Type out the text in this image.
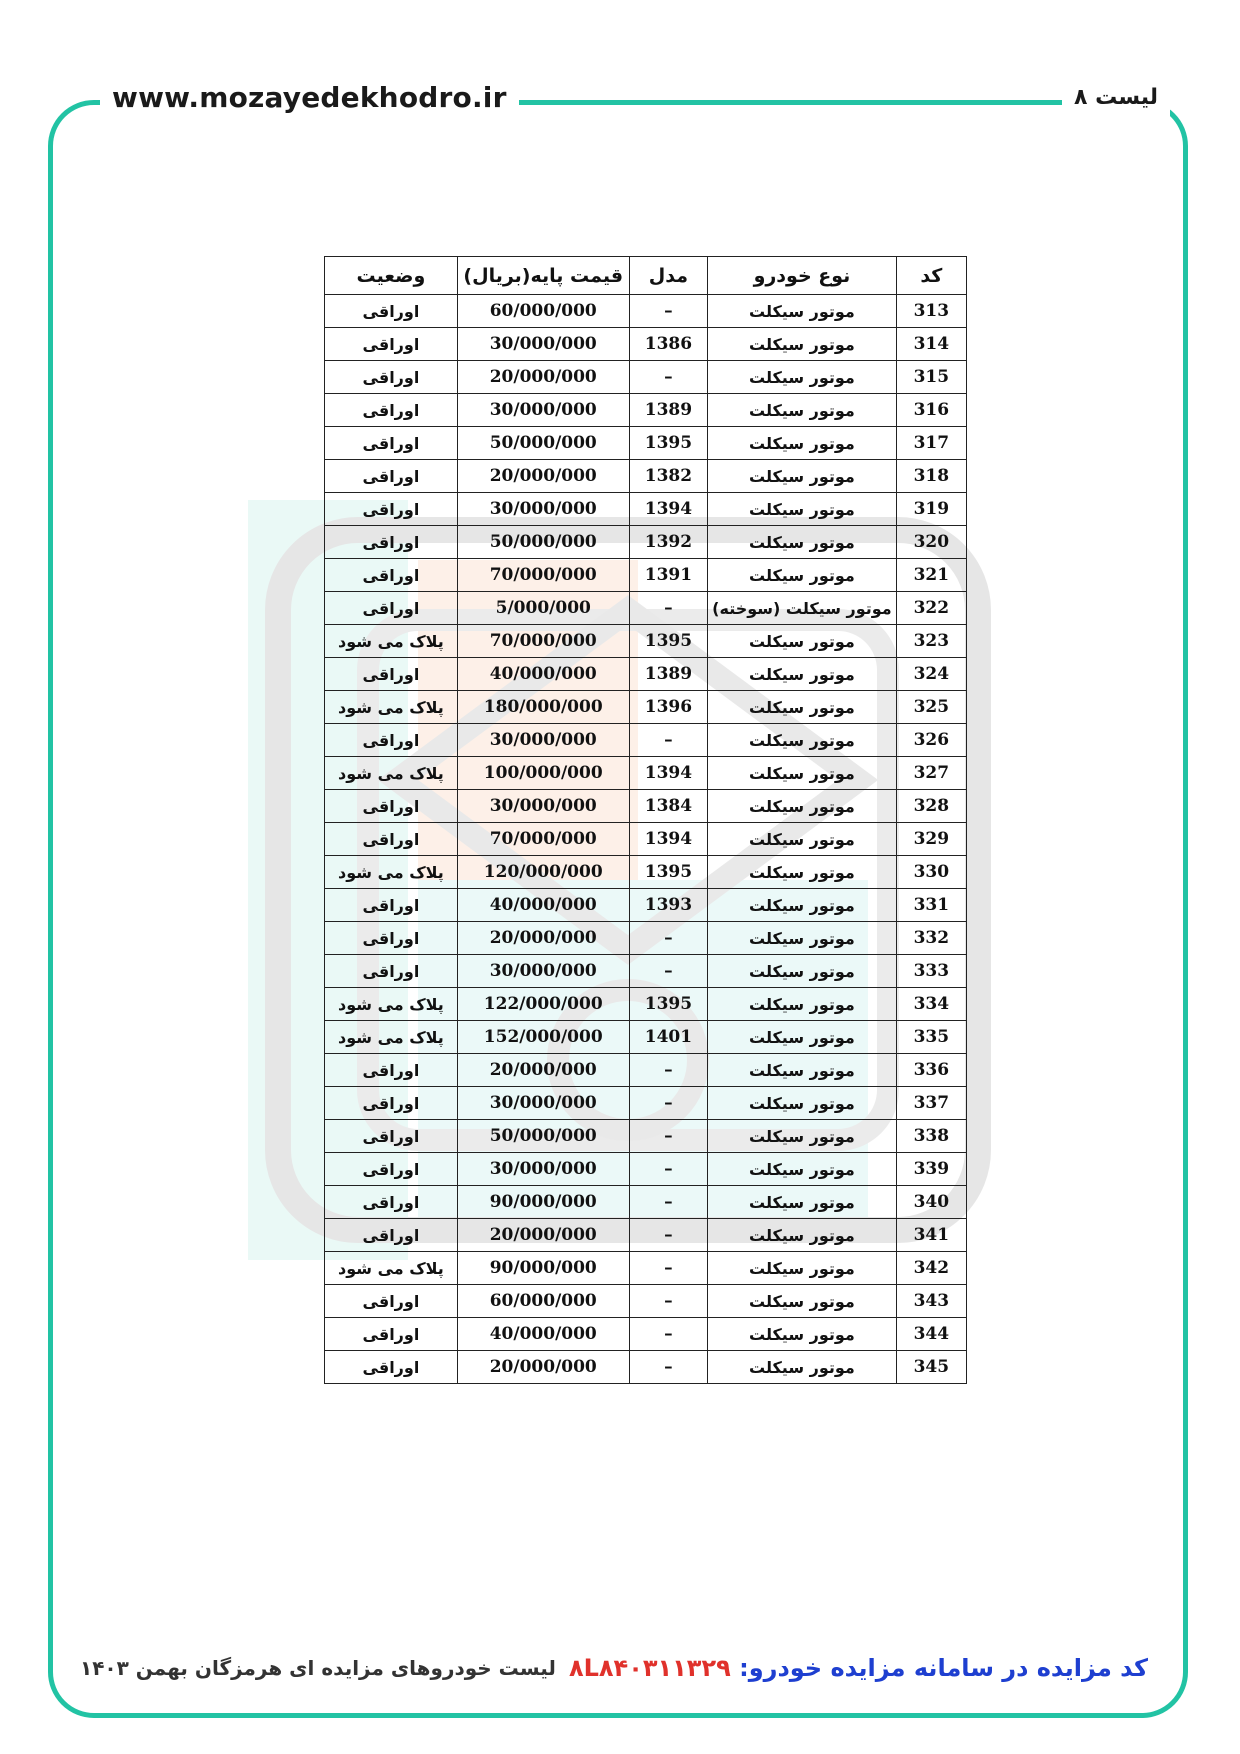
www.mozayedekhodro.ir	لیست ۸
کد	نوع خودرو	مدل	قیمت پایه(بریال)	وضعیت
313	موتور سیکلت	–	60/000/000	اوراقی
314	موتور سیکلت	1386	30/000/000	اوراقی
315	موتور سیکلت	–	20/000/000	اوراقی
316	موتور سیکلت	1389	30/000/000	اوراقی
317	موتور سیکلت	1395	50/000/000	اوراقی
318	موتور سیکلت	1382	20/000/000	اوراقی
319	موتور سیکلت	1394	30/000/000	اوراقی
320	موتور سیکلت	1392	50/000/000	اوراقی
321	موتور سیکلت	1391	70/000/000	اوراقی
322	موتور سیکلت (سوخته)	–	5/000/000	اوراقی
323	موتور سیکلت	1395	70/000/000	پلاک می شود
324	موتور سیکلت	1389	40/000/000	اوراقی
325	موتور سیکلت	1396	180/000/000	پلاک می شود
326	موتور سیکلت	–	30/000/000	اوراقی
327	موتور سیکلت	1394	100/000/000	پلاک می شود
328	موتور سیکلت	1384	30/000/000	اوراقی
329	موتور سیکلت	1394	70/000/000	اوراقی
330	موتور سیکلت	1395	120/000/000	پلاک می شود
331	موتور سیکلت	1393	40/000/000	اوراقی
332	موتور سیکلت	–	20/000/000	اوراقی
333	موتور سیکلت	–	30/000/000	اوراقی
334	موتور سیکلت	1395	122/000/000	پلاک می شود
335	موتور سیکلت	1401	152/000/000	پلاک می شود
336	موتور سیکلت	–	20/000/000	اوراقی
337	موتور سیکلت	–	30/000/000	اوراقی
338	موتور سیکلت	–	50/000/000	اوراقی
339	موتور سیکلت	–	30/000/000	اوراقی
340	موتور سیکلت	–	90/000/000	اوراقی
341	موتور سیکلت	–	20/000/000	اوراقی
342	موتور سیکلت	–	90/000/000	پلاک می شود
343	موتور سیکلت	–	60/000/000	اوراقی
344	موتور سیکلت	–	40/000/000	اوراقی
345	موتور سیکلت	–	20/000/000	اوراقی
کد مزایده در سامانه مزایده خودرو: ۸L۸۴۰۳۱۱۳۲۹
لیست خودروهای مزایده ای هرمزگان بهمن ۱۴۰۳
